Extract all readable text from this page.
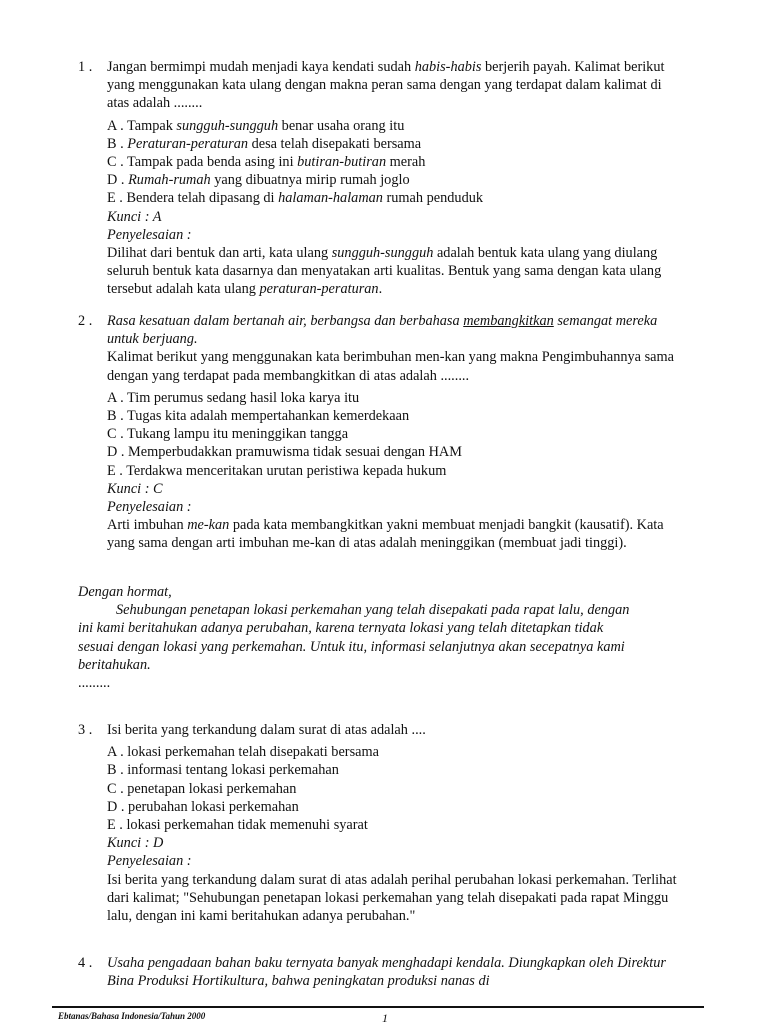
1 .	Jangan bermimpi mudah menjadi kaya kendati sudah habis-habis berjerih payah. Kalimat berikut yang menggunakan kata ulang dengan makna peran sama dengan yang terdapat dalam kalimat di atas adalah ........
A . Tampak sungguh-sungguh benar usaha orang itu
B . Peraturan-peraturan desa telah disepakati bersama
C . Tampak pada benda asing ini butiran-butiran merah
D . Rumah-rumah yang dibuatnya mirip rumah joglo
E . Bendera telah dipasang di halaman-halaman rumah penduduk
Kunci : A
Penyelesaian :
Dilihat dari bentuk dan arti, kata ulang sungguh-sungguh adalah bentuk kata ulang yang diulang seluruh bentuk kata dasarnya dan menyatakan arti kualitas. Bentuk yang sama dengan kata ulang tersebut adalah kata ulang peraturan-peraturan.
2 .	Rasa kesatuan dalam bertanah air, berbangsa dan berbahasa membangkitkan semangat mereka untuk berjuang.
Kalimat berikut yang menggunakan kata berimbuhan men-kan yang makna Pengimbuhannya sama dengan yang terdapat pada membangkitkan di atas adalah ........
A . Tim perumus sedang hasil loka karya itu
B . Tugas kita adalah mempertahankan kemerdekaan
C . Tukang lampu itu meninggikan tangga
D . Memperbudakkan pramuwisma tidak sesuai dengan HAM
E . Terdakwa menceritakan urutan peristiwa kepada hukum
Kunci : C
Penyelesaian :
Arti imbuhan me-kan pada kata membangkitkan yakni membuat menjadi bangkit (kausatif). Kata yang sama dengan arti imbuhan me-kan di atas adalah meninggikan (membuat jadi tinggi).
Dengan hormat,
Sehubungan penetapan lokasi perkemahan yang telah disepakati pada rapat lalu, dengan ini kami beritahukan adanya perubahan, karena ternyata lokasi yang telah ditetapkan tidak sesuai dengan lokasi yang perkemahan. Untuk itu, informasi selanjutnya akan secepatnya kami beritahukan.
.........
3 .	Isi berita yang terkandung dalam surat di atas adalah ....
A . lokasi perkemahan telah disepakati bersama
B . informasi tentang lokasi perkemahan
C . penetapan lokasi perkemahan
D . perubahan lokasi perkemahan
E . lokasi perkemahan tidak memenuhi syarat
Kunci : D
Penyelesaian :
Isi berita yang terkandung dalam surat di atas adalah perihal perubahan lokasi perkemahan. Terlihat dari kalimat; "Sehubungan penetapan lokasi perkemahan yang telah disepakati pada rapat Minggu lalu, dengan ini kami beritahukan adanya perubahan."
4 .	Usaha pengadaan bahan baku ternyata banyak menghadapi kendala. Diungkapkan oleh Direktur Bina Produksi Hortikultura, bahwa peningkatan produksi nanas di
Ebtanas/Bahasa Indonesia/Tahun 2000	1
